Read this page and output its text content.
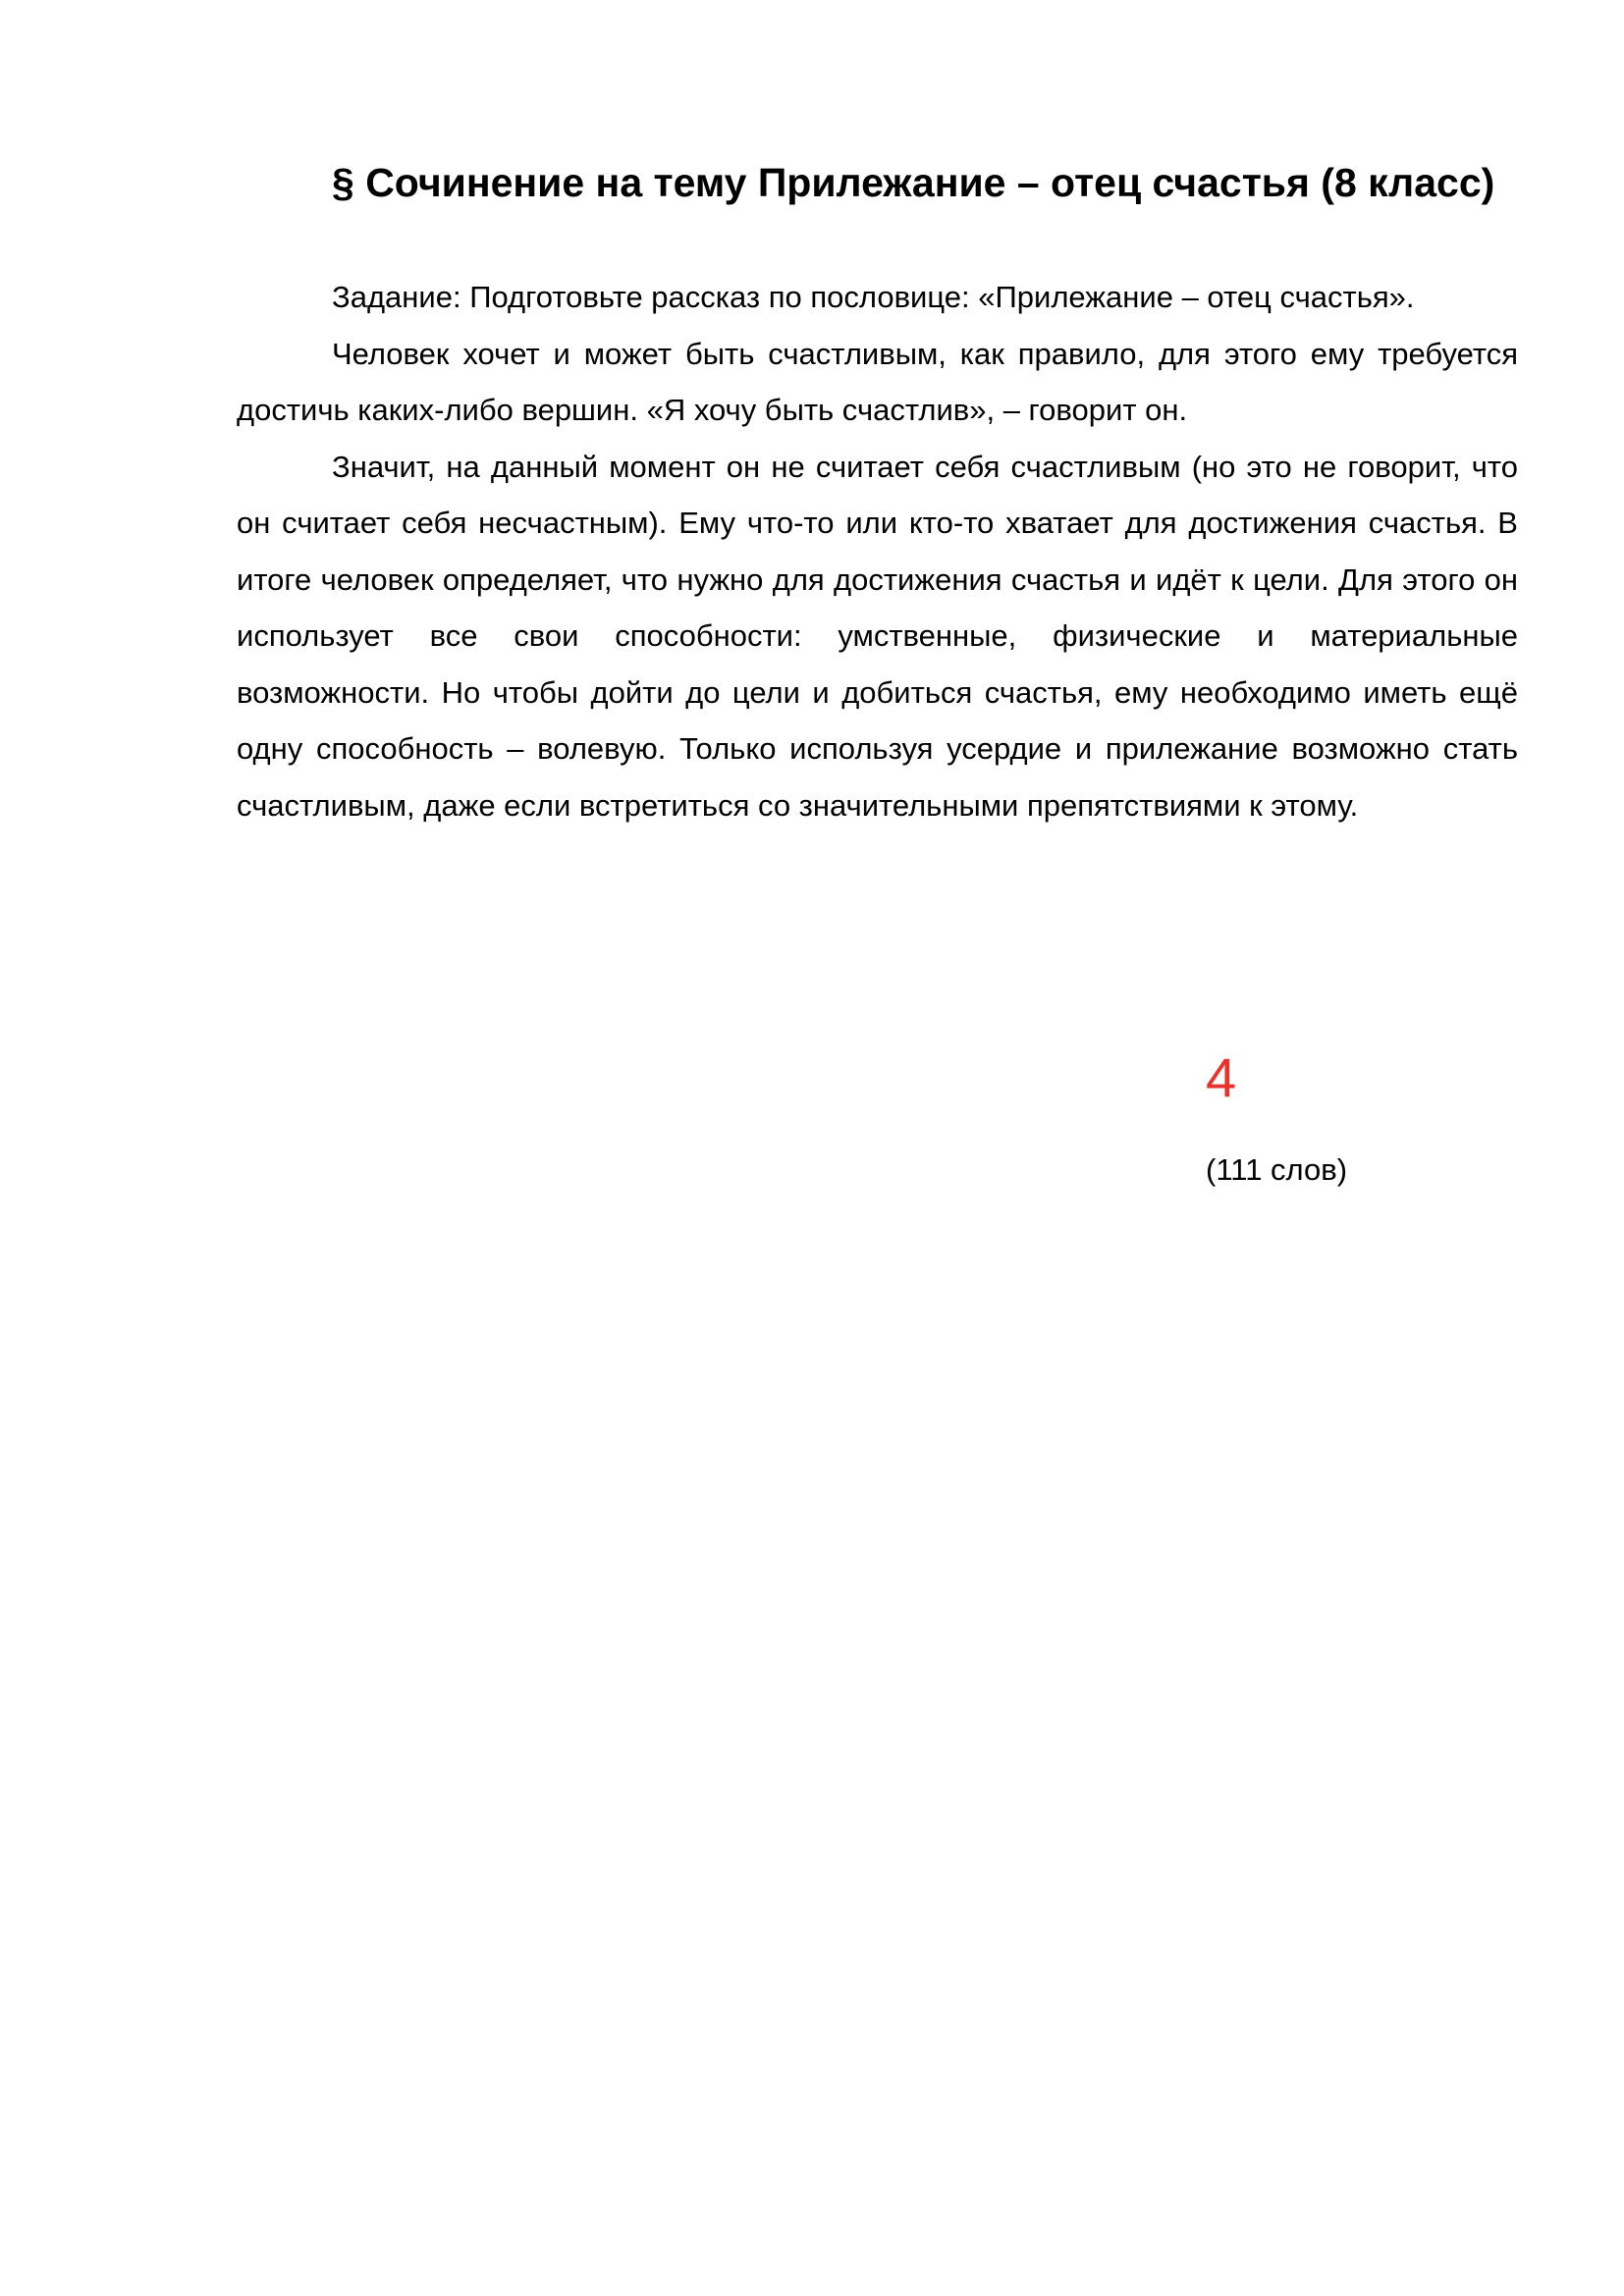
§ Сочинение на тему Прилежание – отец счастья (8 класс)

Задание: Подготовьте рассказ по пословице: «Прилежание – отец счастья».

Человек хочет и может быть счастливым, как правило, для этого ему требуется достичь каких-либо вершин. «Я хочу быть счастлив», – говорит он.

Значит, на данный момент он не считает себя счастливым (но это не говорит, что он считает себя несчастным). Ему что-то или кто-то хватает для достижения счастья. В итоге человек определяет, что нужно для достижения счастья и идёт к цели. Для этого он использует все свои способности: умственные, физические и материальные возможности. Но чтобы дойти до цели и добиться счастья, ему необходимо иметь ещё одну способность – волевую. Только используя усердие и прилежание возможно стать счастливым, даже если встретиться со значительными препятствиями к этому.

4
(111 слов)
